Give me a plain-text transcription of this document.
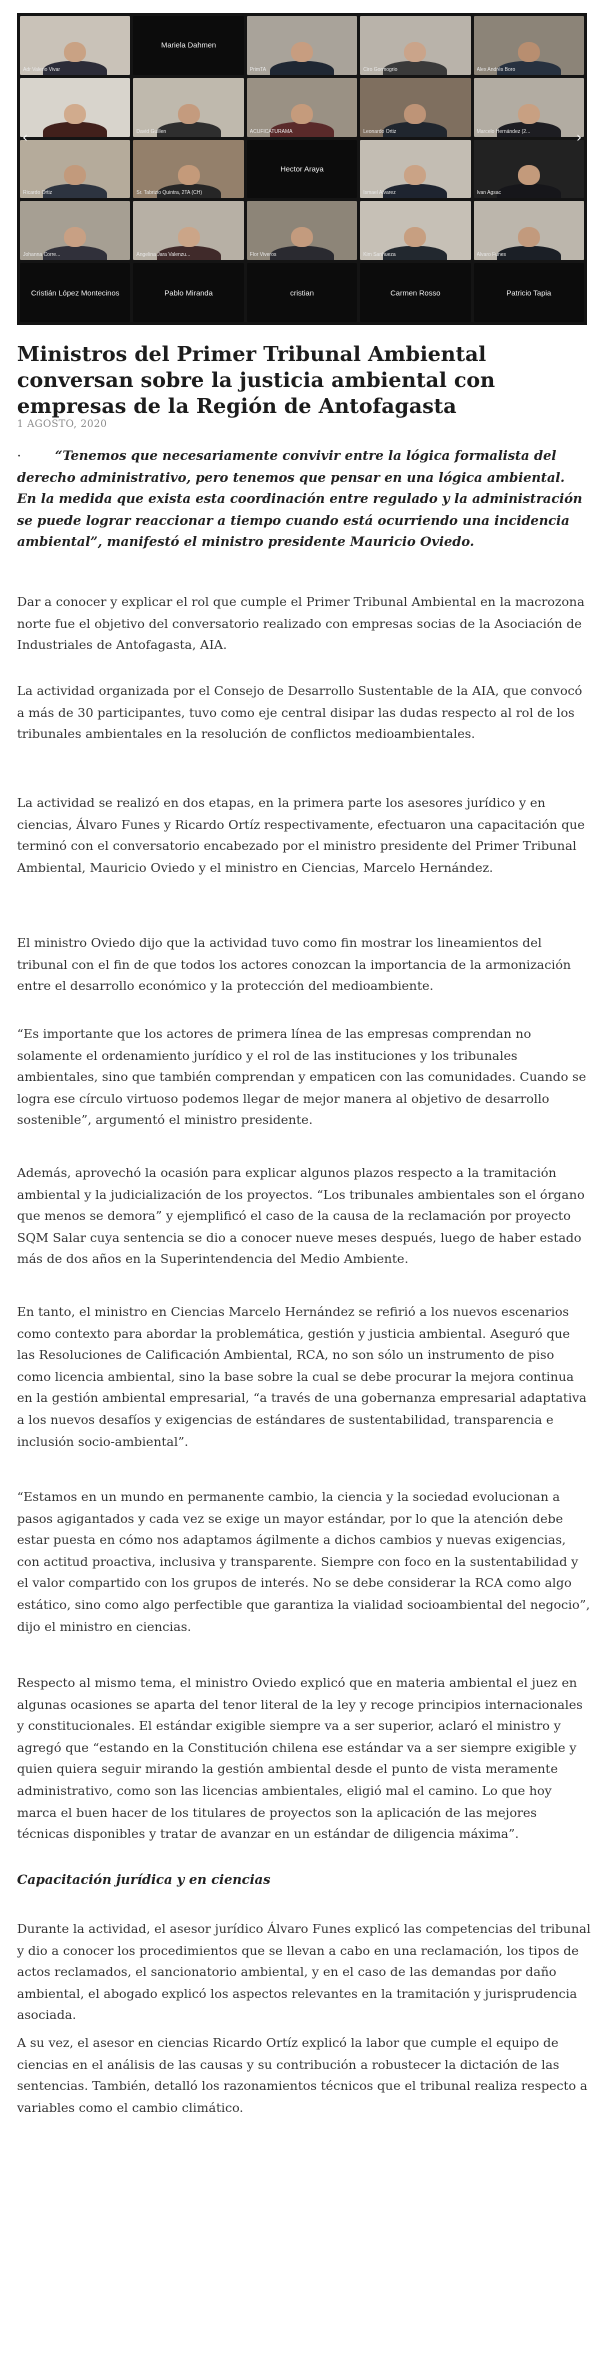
Adr Valerio Vivar
Mariela Dahmen
PrimTA	Ciro Gormogrio	Alex Andrés Boro
David Guillen	ACUFICATURAMA	Leonardo Ortiz	Marcelo Hernández (2...
Ricardo Ortiz	Sr. Tabrizio Quintra, 2TA (CH)
Hector Araya
Ismael Alvarez	Ivan Agsac
Johanna Corre...	Angelina Jara Valenzu...	Flor Viveros	Kim Sanhueza	Álvaro Funes
Cristián López Montecinos	Pablo Miranda	cristian	Carmen Rosso	Patricio Tapia
‹	›
Ministros del Primer Tribunal Ambiental conversan sobre la justicia ambiental con empresas de la Región de Antofagasta
1 AGOSTO, 2020

·	“Tenemos que necesariamente convivir entre la lógica formalista del derecho administrativo, pero tenemos que pensar en una lógica ambiental. En la medida que exista esta coordinación entre regulado y la administración se puede lograr reaccionar a tiempo cuando está ocurriendo una incidencia ambiental”, manifestó el ministro presidente Mauricio Oviedo.

Dar a conocer y explicar el rol que cumple el Primer Tribunal Ambiental en la macrozona norte fue el objetivo del conversatorio realizado con empresas socias de la Asociación de Industriales de Antofagasta, AIA.

La actividad organizada por el Consejo de Desarrollo Sustentable de la AIA, que convocó a más de 30 participantes, tuvo como eje central disipar las dudas respecto al rol de los tribunales ambientales en la resolución de conflictos medioambientales.

La actividad se realizó en dos etapas, en la primera parte los asesores jurídico y en ciencias, Álvaro Funes y Ricardo Ortíz respectivamente, efectuaron una capacitación que terminó con el conversatorio encabezado por el ministro presidente del Primer Tribunal Ambiental, Mauricio Oviedo y el ministro en Ciencias, Marcelo Hernández.

El ministro Oviedo dijo que la actividad tuvo como fin mostrar los lineamientos del tribunal con el fin de que todos los actores conozcan la importancia de la armonización entre el desarrollo económico y la protección del medioambiente.

“Es importante que los actores de primera línea de las empresas comprendan no solamente el ordenamiento jurídico y el rol de las instituciones y los tribunales ambientales, sino que también comprendan y empaticen con las comunidades. Cuando se logra ese círculo virtuoso podemos llegar de mejor manera al objetivo de desarrollo sostenible”, argumentó el ministro presidente.

Además, aprovechó la ocasión para explicar algunos plazos respecto a la tramitación ambiental y la judicialización de los proyectos. “Los tribunales ambientales son el órgano que menos se demora” y ejemplificó el caso de la causa de la reclamación por proyecto SQM Salar cuya sentencia se dio a conocer nueve meses después, luego de haber estado más de dos años en la Superintendencia del Medio Ambiente.

En tanto, el ministro en Ciencias Marcelo Hernández se refirió a los nuevos escenarios como contexto para abordar la problemática, gestión y justicia ambiental. Aseguró que las Resoluciones de Calificación Ambiental, RCA, no son sólo un instrumento de piso como licencia ambiental, sino la base sobre la cual se debe procurar la mejora continua en la gestión ambiental empresarial, “a través de una gobernanza empresarial adaptativa a los nuevos desafíos y exigencias de estándares de sustentabilidad, transparencia e inclusión socio-ambiental”.

“Estamos en un mundo en permanente cambio, la ciencia y la sociedad evolucionan a pasos agigantados y cada vez se exige un mayor estándar, por lo que la atención debe estar puesta en cómo nos adaptamos ágilmente a dichos cambios y nuevas exigencias, con actitud proactiva, inclusiva y transparente. Siempre con foco en la sustentabilidad y el valor compartido con los grupos de interés. No se debe considerar la RCA como algo estático, sino como algo perfectible que garantiza la vialidad socioambiental del negocio”, dijo el ministro en ciencias.

Respecto al mismo tema, el ministro Oviedo explicó que en materia ambiental el juez en algunas ocasiones se aparta del tenor literal de la ley y recoge principios internacionales y constitucionales. El estándar exigible siempre va a ser superior, aclaró el ministro y agregó que “estando en la Constitución chilena ese estándar va a ser siempre exigible y quien quiera seguir mirando la gestión ambiental desde el punto de vista meramente administrativo, como son las licencias ambientales, eligió mal el camino. Lo que hoy marca el buen hacer de los titulares de proyectos son la aplicación de las mejores técnicas disponibles y tratar de avanzar en un estándar de diligencia máxima”.

Capacitación jurídica y en ciencias

Durante la actividad, el asesor jurídico Álvaro Funes explicó las competencias del tribunal y dio a conocer los procedimientos que se llevan a cabo en una reclamación, los tipos de actos reclamados, el sancionatorio ambiental, y en el caso de las demandas por daño ambiental, el abogado explicó los aspectos relevantes en la tramitación y jurisprudencia asociada.

A su vez, el asesor en ciencias Ricardo Ortíz explicó la labor que cumple el equipo de ciencias en el análisis de las causas y su contribución a robustecer la dictación de las sentencias. También, detalló los razonamientos técnicos que el tribunal realiza respecto a variables como el cambio climático.
